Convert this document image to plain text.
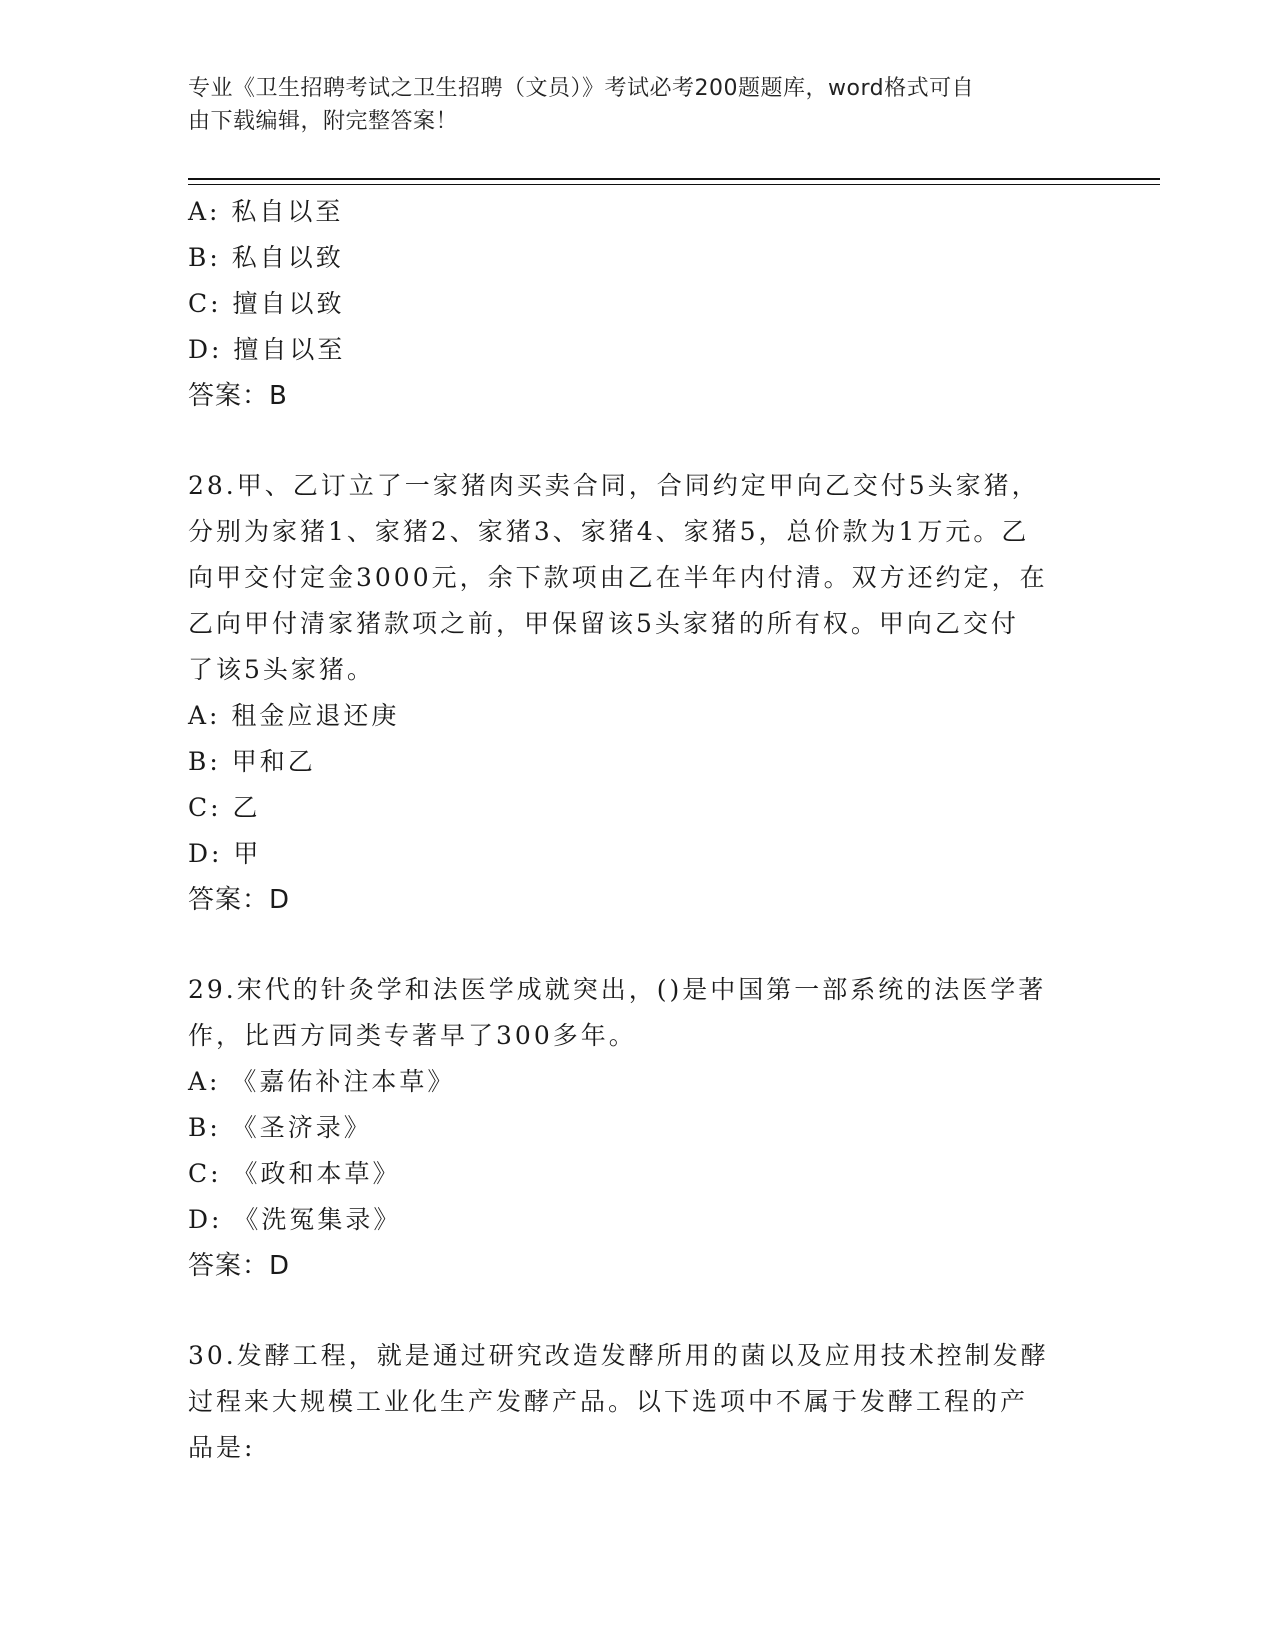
专业《卫生招聘考试之卫生招聘（文员）》考试必考200题题库，word格式可自
由下载编辑，附完整答案！
A: 私自以至
B: 私自以致
C: 擅自以致
D: 擅自以至
答案：B
28.甲、乙订立了一家猪肉买卖合同，合同约定甲向乙交付5头家猪，
分别为家猪1、家猪2、家猪3、家猪4、家猪5，总价款为1万元。乙
向甲交付定金3000元，余下款项由乙在半年内付清。双方还约定，在
乙向甲付清家猪款项之前，甲保留该5头家猪的所有权。甲向乙交付
了该5头家猪。
A: 租金应退还庚
B: 甲和乙
C: 乙
D: 甲
答案：D
29.宋代的针灸学和法医学成就突出，()是中国第一部系统的法医学著
作，比西方同类专著早了300多年。
A: 《嘉佑补注本草》
B: 《圣济录》
C: 《政和本草》
D: 《洗冤集录》
答案：D
30.发酵工程，就是通过研究改造发酵所用的菌以及应用技术控制发酵
过程来大规模工业化生产发酵产品。以下选项中不属于发酵工程的产
品是:
